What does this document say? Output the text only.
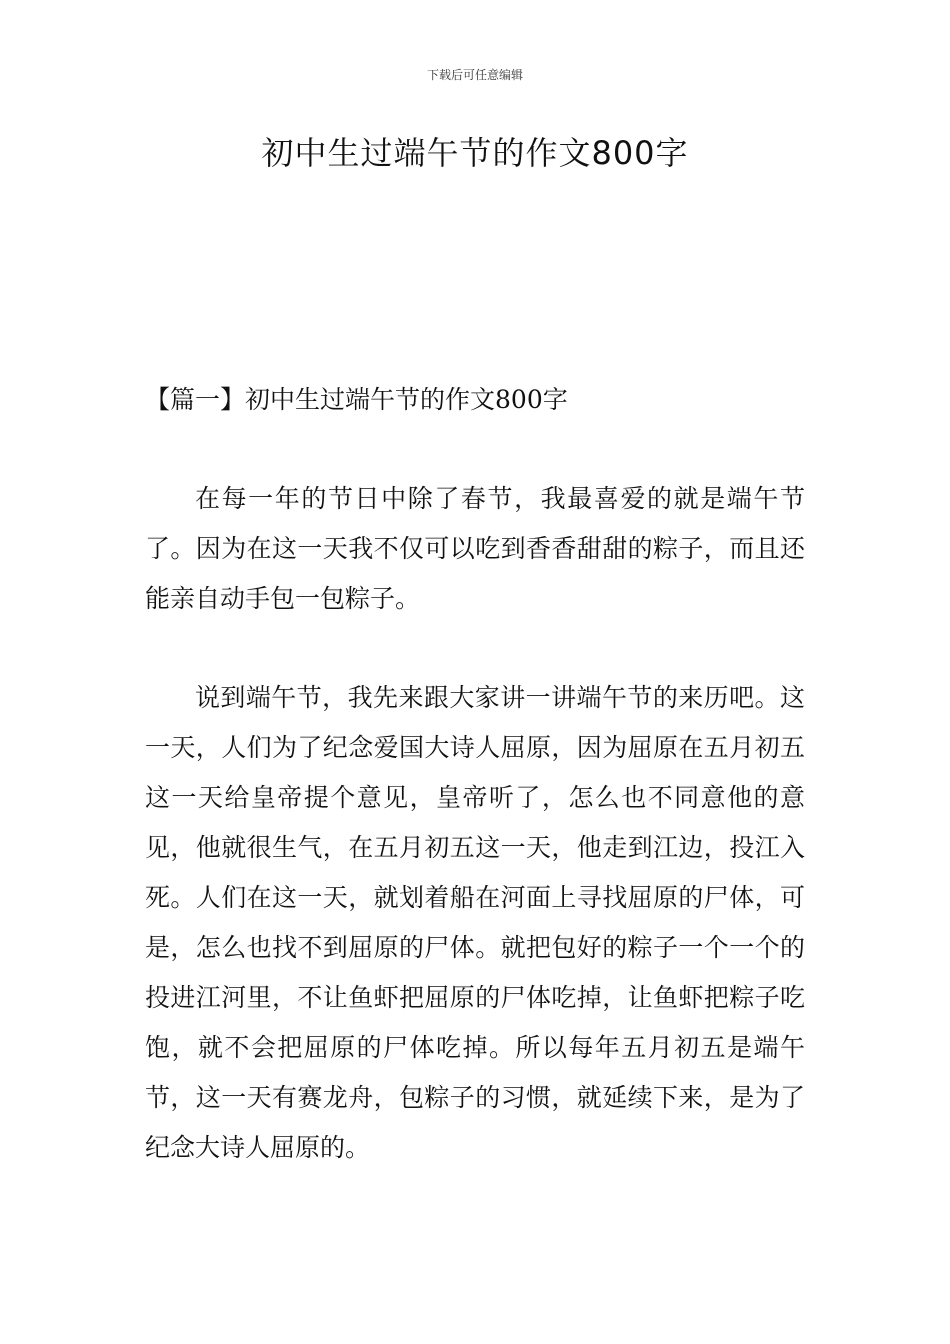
下载后可任意编辑
初中生过端午节的作文800字
【篇一】初中生过端午节的作文800字

在每一年的节日中除了春节，我最喜爱的就是端午节了。因为在这一天我不仅可以吃到香香甜甜的粽子，而且还能亲自动手包一包粽子。

说到端午节，我先来跟大家讲一讲端午节的来历吧。这一天，人们为了纪念爱国大诗人屈原，因为屈原在五月初五这一天给皇帝提个意见，皇帝听了，怎么也不同意他的意见，他就很生气，在五月初五这一天，他走到江边，投江入死。人们在这一天，就划着船在河面上寻找屈原的尸体，可是，怎么也找不到屈原的尸体。就把包好的粽子一个一个的投进江河里，不让鱼虾把屈原的尸体吃掉，让鱼虾把粽子吃饱，就不会把屈原的尸体吃掉。所以每年五月初五是端午节，这一天有赛龙舟，包粽子的习惯，就延续下来，是为了纪念大诗人屈原的。
